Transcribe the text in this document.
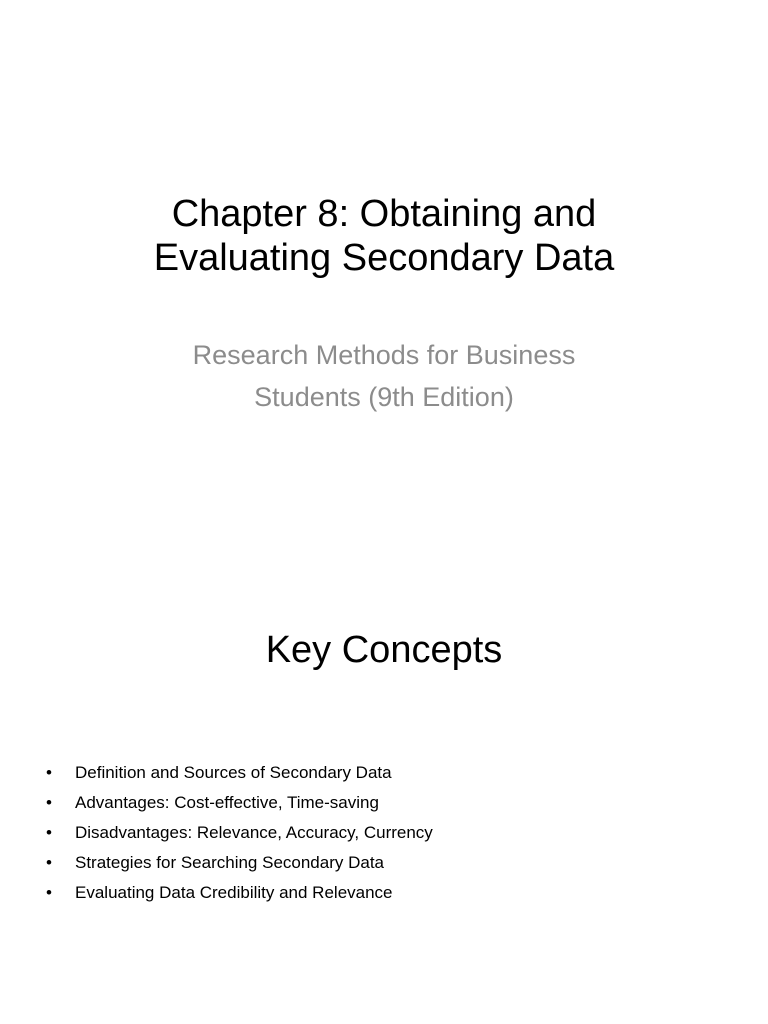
Chapter 8: Obtaining and
Evaluating Secondary Data
Research Methods for Business
Students (9th Edition)
Key Concepts
• Definition and Sources of Secondary Data
• Advantages: Cost-effective, Time-saving
• Disadvantages: Relevance, Accuracy, Currency
• Strategies for Searching Secondary Data
• Evaluating Data Credibility and Relevance
